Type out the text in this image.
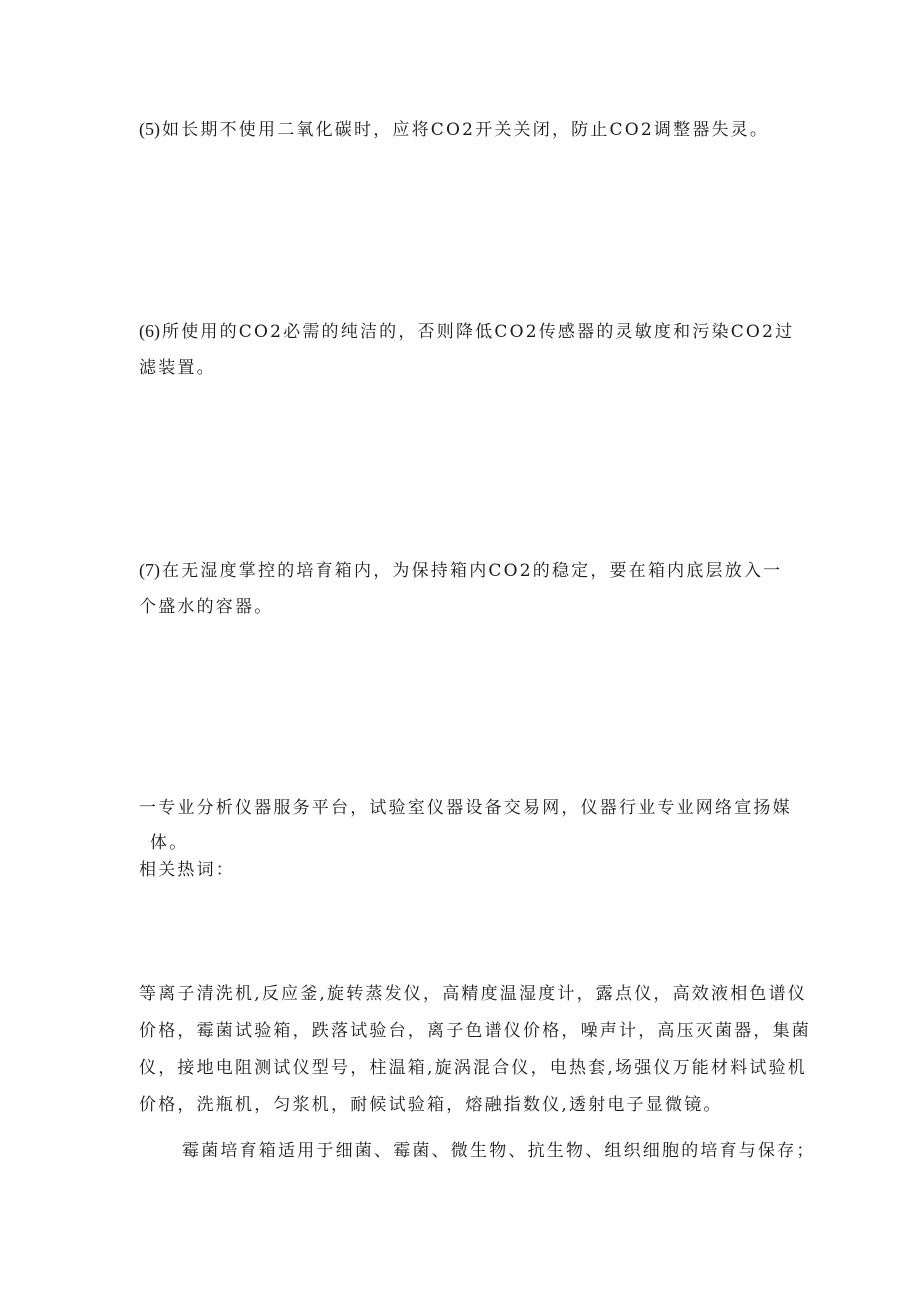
(5) 如长期不使用二氧化碳时，应将CO2开关关闭，防止CO2调整器失灵。
(6) 所使用的CO2必需的纯洁的，否则降低CO2传感器的灵敏度和污染CO2过
滤装置。
(7) 在无湿度掌控的培育箱内，为保持箱内CO2的稳定，要在箱内底层放入一
个盛水的容器。
一专业分析仪器服务平台，试验室仪器设备交易网，仪器行业专业网络宣扬媒
体。
相关热词：
等离子清洗机,反应釜,旋转蒸发仪，高精度温湿度计，露点仪，高效液相色谱仪
价格，霉菌试验箱，跌落试验台，离子色谱仪价格，噪声计，高压灭菌器，集菌
仪，接地电阻测试仪型号，柱温箱,旋涡混合仪，电热套,场强仪万能材料试验机
价格，洗瓶机，匀浆机，耐候试验箱，熔融指数仪,透射电子显微镜。
霉菌培育箱适用于细菌、霉菌、微生物、抗生物、组织细胞的培育与保存；
